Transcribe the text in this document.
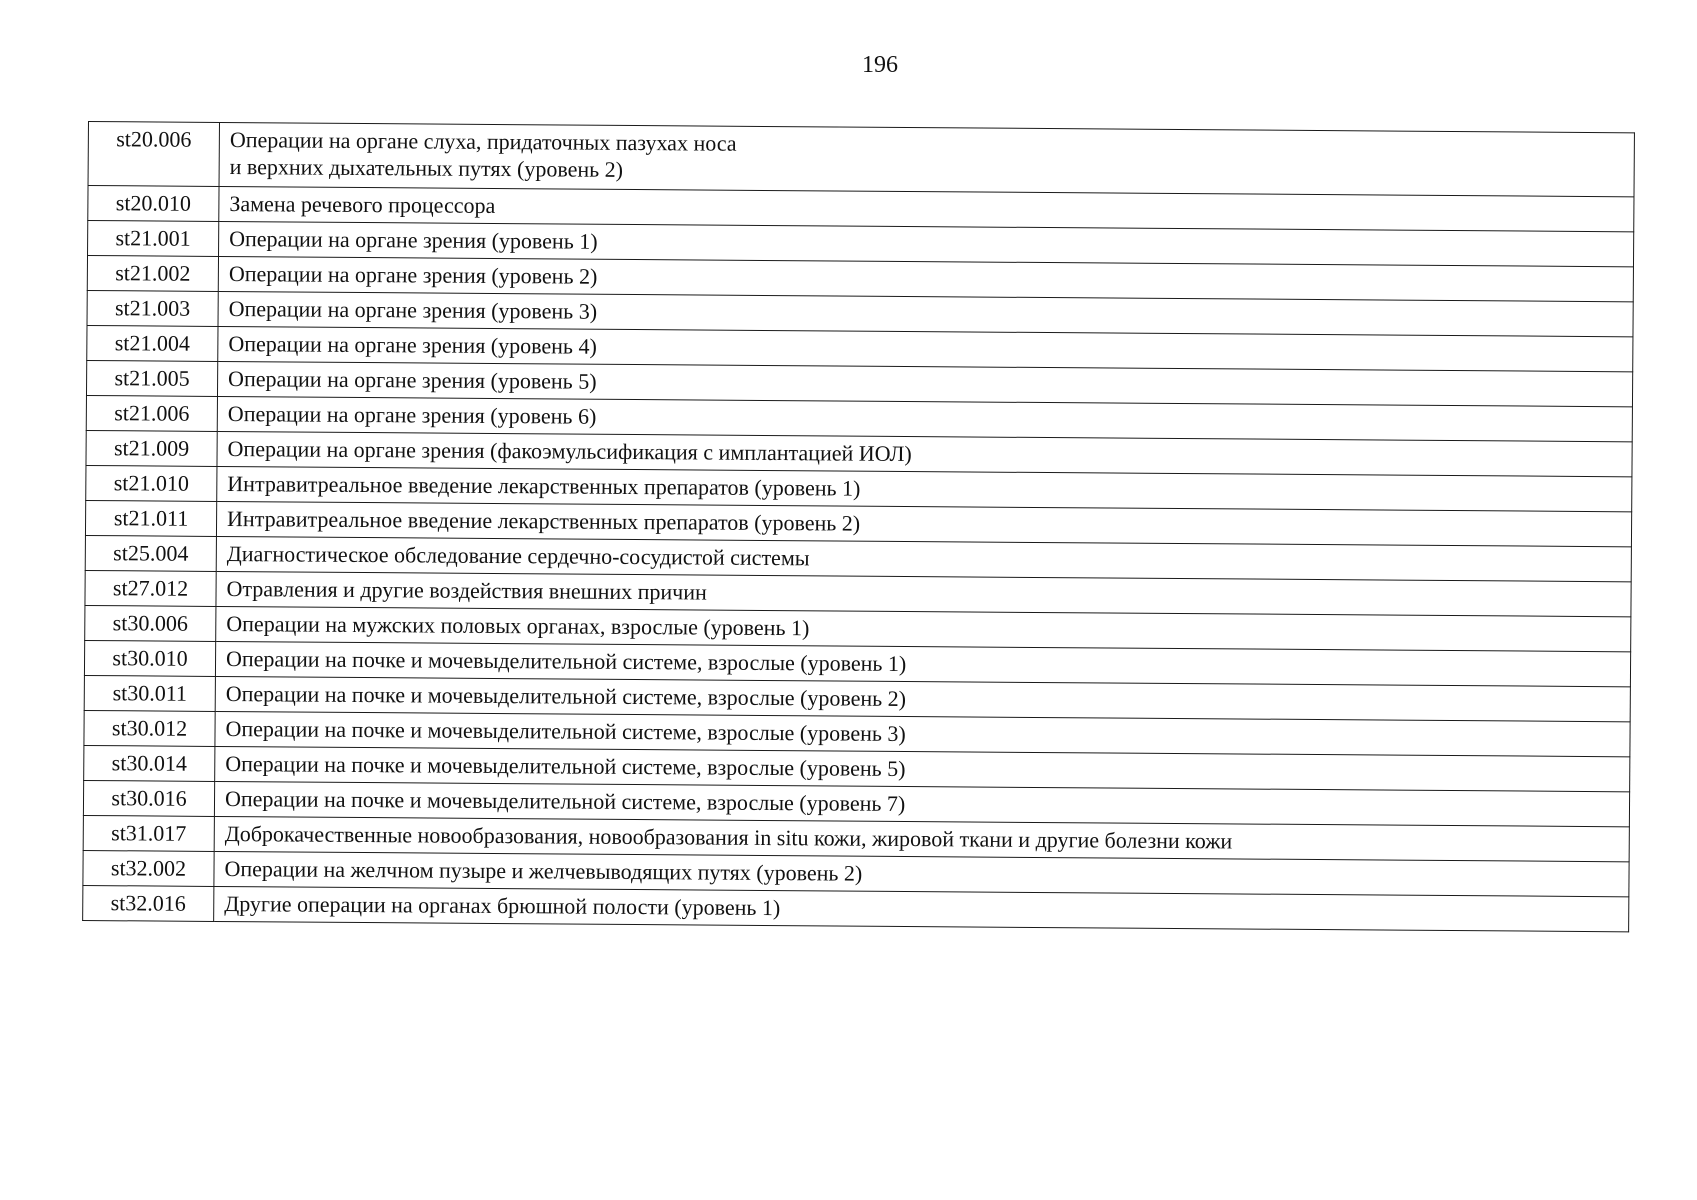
196
st20.006	Операции на органе слуха, придаточных пазухах носа
и верхних дыхательных путях (уровень 2)
st20.010	Замена речевого процессора
st21.001	Операции на органе зрения (уровень 1)
st21.002	Операции на органе зрения (уровень 2)
st21.003	Операции на органе зрения (уровень 3)
st21.004	Операции на органе зрения (уровень 4)
st21.005	Операции на органе зрения (уровень 5)
st21.006	Операции на органе зрения (уровень 6)
st21.009	Операции на органе зрения (факоэмульсификация с имплантацией ИОЛ)
st21.010	Интравитреальное введение лекарственных препаратов (уровень 1)
st21.011	Интравитреальное введение лекарственных препаратов (уровень 2)
st25.004	Диагностическое обследование сердечно-сосудистой системы
st27.012	Отравления и другие воздействия внешних причин
st30.006	Операции на мужских половых органах, взрослые (уровень 1)
st30.010	Операции на почке и мочевыделительной системе, взрослые (уровень 1)
st30.011	Операции на почке и мочевыделительной системе, взрослые (уровень 2)
st30.012	Операции на почке и мочевыделительной системе, взрослые (уровень 3)
st30.014	Операции на почке и мочевыделительной системе, взрослые (уровень 5)
st30.016	Операции на почке и мочевыделительной системе, взрослые (уровень 7)
st31.017	Доброкачественные новообразования, новообразования in situ кожи, жировой ткани и другие болезни кожи
st32.002	Операции на желчном пузыре и желчевыводящих путях (уровень 2)
st32.016	Другие операции на органах брюшной полости (уровень 1)
